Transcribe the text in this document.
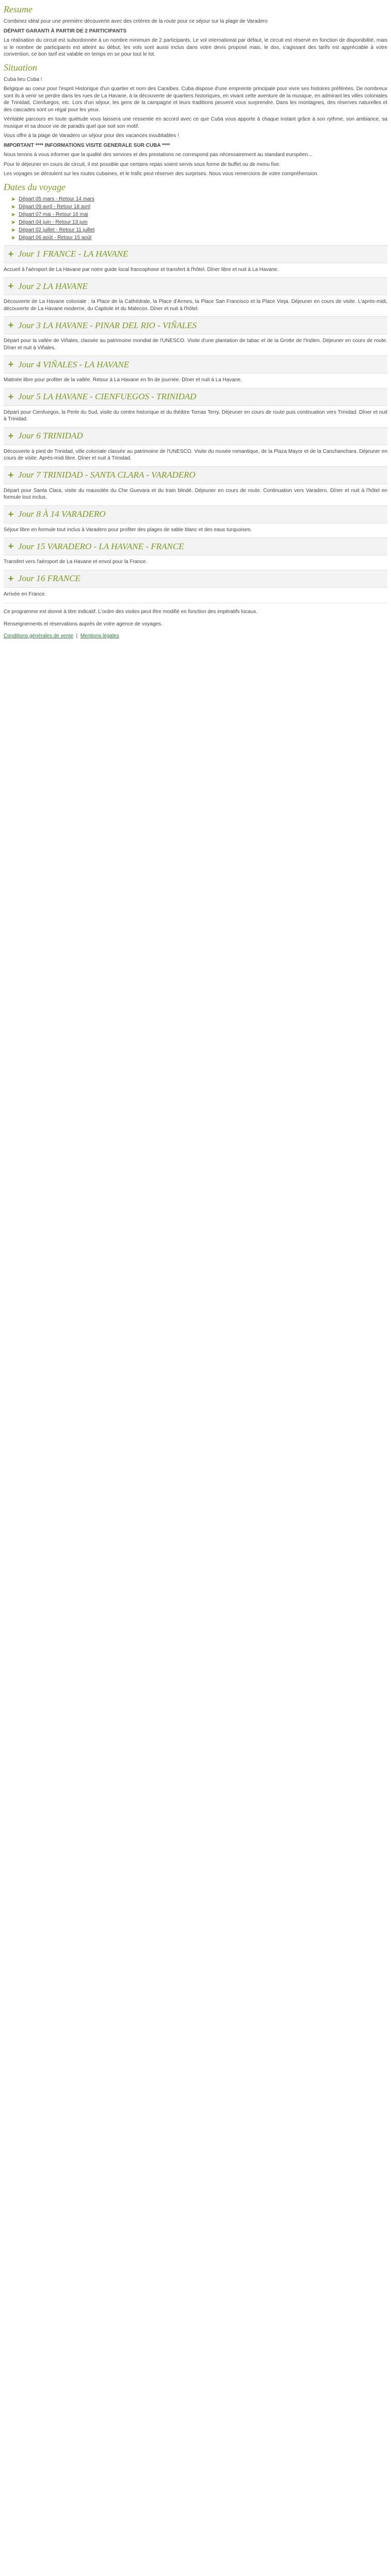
Resume

Combinez idéal pour une première découverte avec des critères de la route pour ce séjour sur la plage de Varadero

DÉPART GARANTI À PARTIR DE 2 PARTICIPANTS

La réalisation du circuit est subordonnée à un nombre minimum de 2 participants. Le vol international par défaut, le circuit est réservé en fonction de disponibilité, mais si le nombre de participants est atteint au début, les vols sont aussi inclus dans votre devis proposé mais, le dos, s'agissant des tarifs est appréciable à votre convention, ce bon tarif est valable en temps en se pour tout le lot.

Situation

Cuba lieu Cuba !

Belgique au coeur pour l'esprit Historique d'un quartier et nom des Caraïbes. Cuba dispose d'une empreinte principale pour vivre ses histoires préférées. De nombreux sont ils à venir se perdre dans les rues de La Havane, à la découverte de quartiers historiques, en vivant cette aventure de la musique, en admirant les villes coloniales de Trinidad, Cienfuegos, etc. Lors d'un séjour, les gens de la campagne et leurs traditions peuvent vous surprendre. Dans les montagnes, des réserves naturelles et des cascades sont un régal pour les yeux.

Véritable parcours en toute quiétude vous laissera une ressentie en accord avec ce que Cuba vous apporte à chaque instant grâce à son rythme, son ambiance, sa musique et sa douce vie de paradis quel que soit son motif.

Vous offre à la plage de Varadero un séjour pour des vacances inoubliables !

IMPORTANT **** INFORMATIONS VISITE GENERALE SUR CUBA ****

Nous tenons à vous informer que la qualité des services et des prestations ne correspond pas nécessairement au standard européen...

Pour le déjeuner en cours de circuit, il est possible que certains repas soient servis sous forme de buffet ou de menu fixe.

Les voyages se déroulent sur les routes cubaines, et le trafic peut réserver des surprises. Nous vous remercions de votre compréhension.

Dates du voyage
➤ Départ 05 mars - Retour 14 mars
➤ Départ 09 avril - Retour 18 avril
➤ Départ 07 mai - Retour 16 mai
➤ Départ 04 juin - Retour 13 juin
➤ Départ 02 juillet - Retour 11 juillet
➤ Départ 06 août - Retour 15 août
+ Jour 1 FRANCE - LA HAVANE

Accueil à l'aéroport de La Havane par notre guide local francophone et transfert à l'hôtel. Dîner libre et nuit à La Havane.

+ Jour 2 LA HAVANE

Découverte de La Havane coloniale : la Place de la Cathédrale, la Place d'Armes, la Place San Francisco et la Place Vieja. Déjeuner en cours de visite. L'après-midi, découverte de La Havane moderne, du Capitole et du Malecon. Dîner et nuit à l'hôtel.

+ Jour 3 LA HAVANE - PINAR DEL RIO - VIÑALES

Départ pour la vallée de Viñales, classée au patrimoine mondial de l'UNESCO. Visite d'une plantation de tabac et de la Grotte de l'Indien. Déjeuner en cours de route. Dîner et nuit à Viñales.

+ Jour 4 VIÑALES - LA HAVANE

Matinée libre pour profiter de la vallée. Retour à La Havane en fin de journée. Dîner et nuit à La Havane.

+ Jour 5 LA HAVANE - CIENFUEGOS - TRINIDAD

Départ pour Cienfuegos, la Perle du Sud, visite du centre historique et du théâtre Tomas Terry. Déjeuner en cours de route puis continuation vers Trinidad. Dîner et nuit à Trinidad.

+ Jour 6 TRINIDAD

Découverte à pied de Trinidad, ville coloniale classée au patrimoine de l'UNESCO. Visite du musée romantique, de la Plaza Mayor et de la Canchanchara. Déjeuner en cours de visite. Après-midi libre. Dîner et nuit à Trinidad.

+ Jour 7 TRINIDAD - SANTA CLARA - VARADERO

Départ pour Santa Clara, visite du mausolée du Che Guevara et du train blindé. Déjeuner en cours de route. Continuation vers Varadero. Dîner et nuit à l'hôtel en formule tout inclus.

+ Jour 8 À 14 VARADERO

Séjour libre en formule tout inclus à Varadero pour profiter des plages de sable blanc et des eaux turquoises.

+ Jour 15 VARADERO - LA HAVANE - FRANCE

Transfert vers l'aéroport de La Havane et envol pour la France.

+ Jour 16 FRANCE

Arrivée en France.

Ce programme est donné à titre indicatif. L'ordre des visites peut être modifié en fonction des impératifs locaux.

Renseignements et réservations auprès de votre agence de voyages.

Conditions générales de vente  |  Mentions légales
